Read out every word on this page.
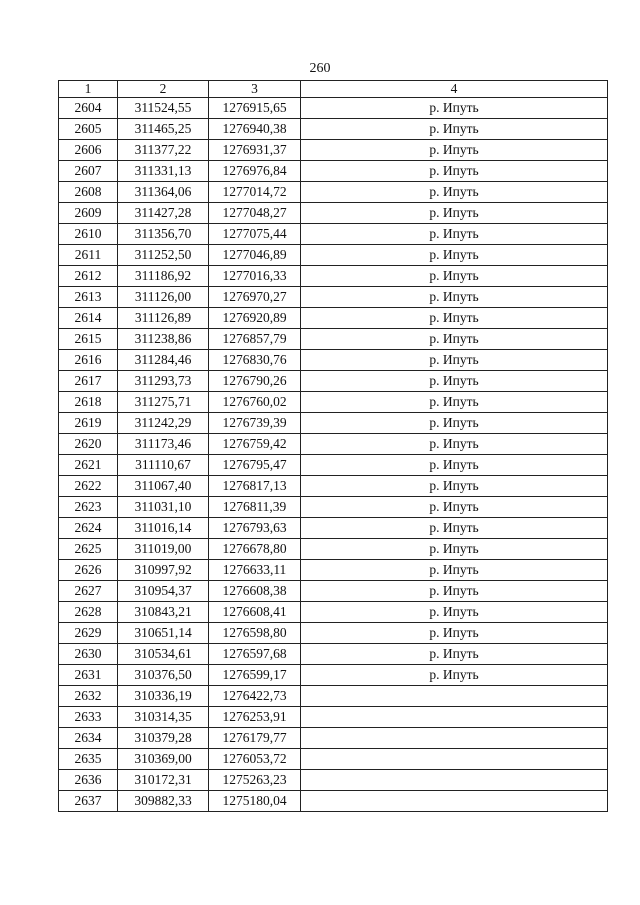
260
1	2	3	4
2604	311524,55	1276915,65	р. Ипуть
2605	311465,25	1276940,38	р. Ипуть
2606	311377,22	1276931,37	р. Ипуть
2607	311331,13	1276976,84	р. Ипуть
2608	311364,06	1277014,72	р. Ипуть
2609	311427,28	1277048,27	р. Ипуть
2610	311356,70	1277075,44	р. Ипуть
2611	311252,50	1277046,89	р. Ипуть
2612	311186,92	1277016,33	р. Ипуть
2613	311126,00	1276970,27	р. Ипуть
2614	311126,89	1276920,89	р. Ипуть
2615	311238,86	1276857,79	р. Ипуть
2616	311284,46	1276830,76	р. Ипуть
2617	311293,73	1276790,26	р. Ипуть
2618	311275,71	1276760,02	р. Ипуть
2619	311242,29	1276739,39	р. Ипуть
2620	311173,46	1276759,42	р. Ипуть
2621	311110,67	1276795,47	р. Ипуть
2622	311067,40	1276817,13	р. Ипуть
2623	311031,10	1276811,39	р. Ипуть
2624	311016,14	1276793,63	р. Ипуть
2625	311019,00	1276678,80	р. Ипуть
2626	310997,92	1276633,11	р. Ипуть
2627	310954,37	1276608,38	р. Ипуть
2628	310843,21	1276608,41	р. Ипуть
2629	310651,14	1276598,80	р. Ипуть
2630	310534,61	1276597,68	р. Ипуть
2631	310376,50	1276599,17	р. Ипуть
2632	310336,19	1276422,73	
2633	310314,35	1276253,91	
2634	310379,28	1276179,77	
2635	310369,00	1276053,72	
2636	310172,31	1275263,23	
2637	309882,33	1275180,04	
